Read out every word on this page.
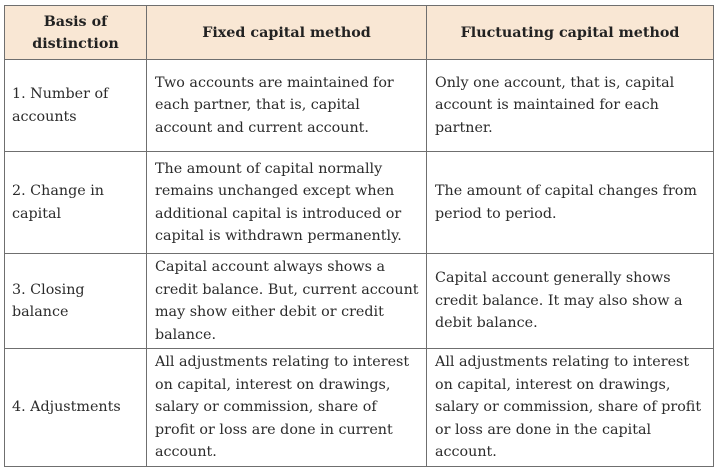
Basis of distinction	Fixed capital method	Fluctuating capital method
1. Number of accounts	Two accounts are maintained for each partner, that is, capital account and current account.	Only one account, that is, capital account is maintained for each partner.
2. Change in capital	The amount of capital normally remains unchanged except when additional capital is introduced or capital is withdrawn permanently.	The amount of capital changes from period to period.
3. Closing balance	Capital account always shows a credit balance. But, current account may show either debit or credit balance.	Capital account generally shows credit balance. It may also show a debit balance.
4. Adjustments	All adjustments relating to interest on capital, interest on drawings, salary or commission, share of profit or loss are done in current account.	All adjustments relating to interest on capital, interest on drawings, salary or commission, share of profit or loss are done in the capital account.
